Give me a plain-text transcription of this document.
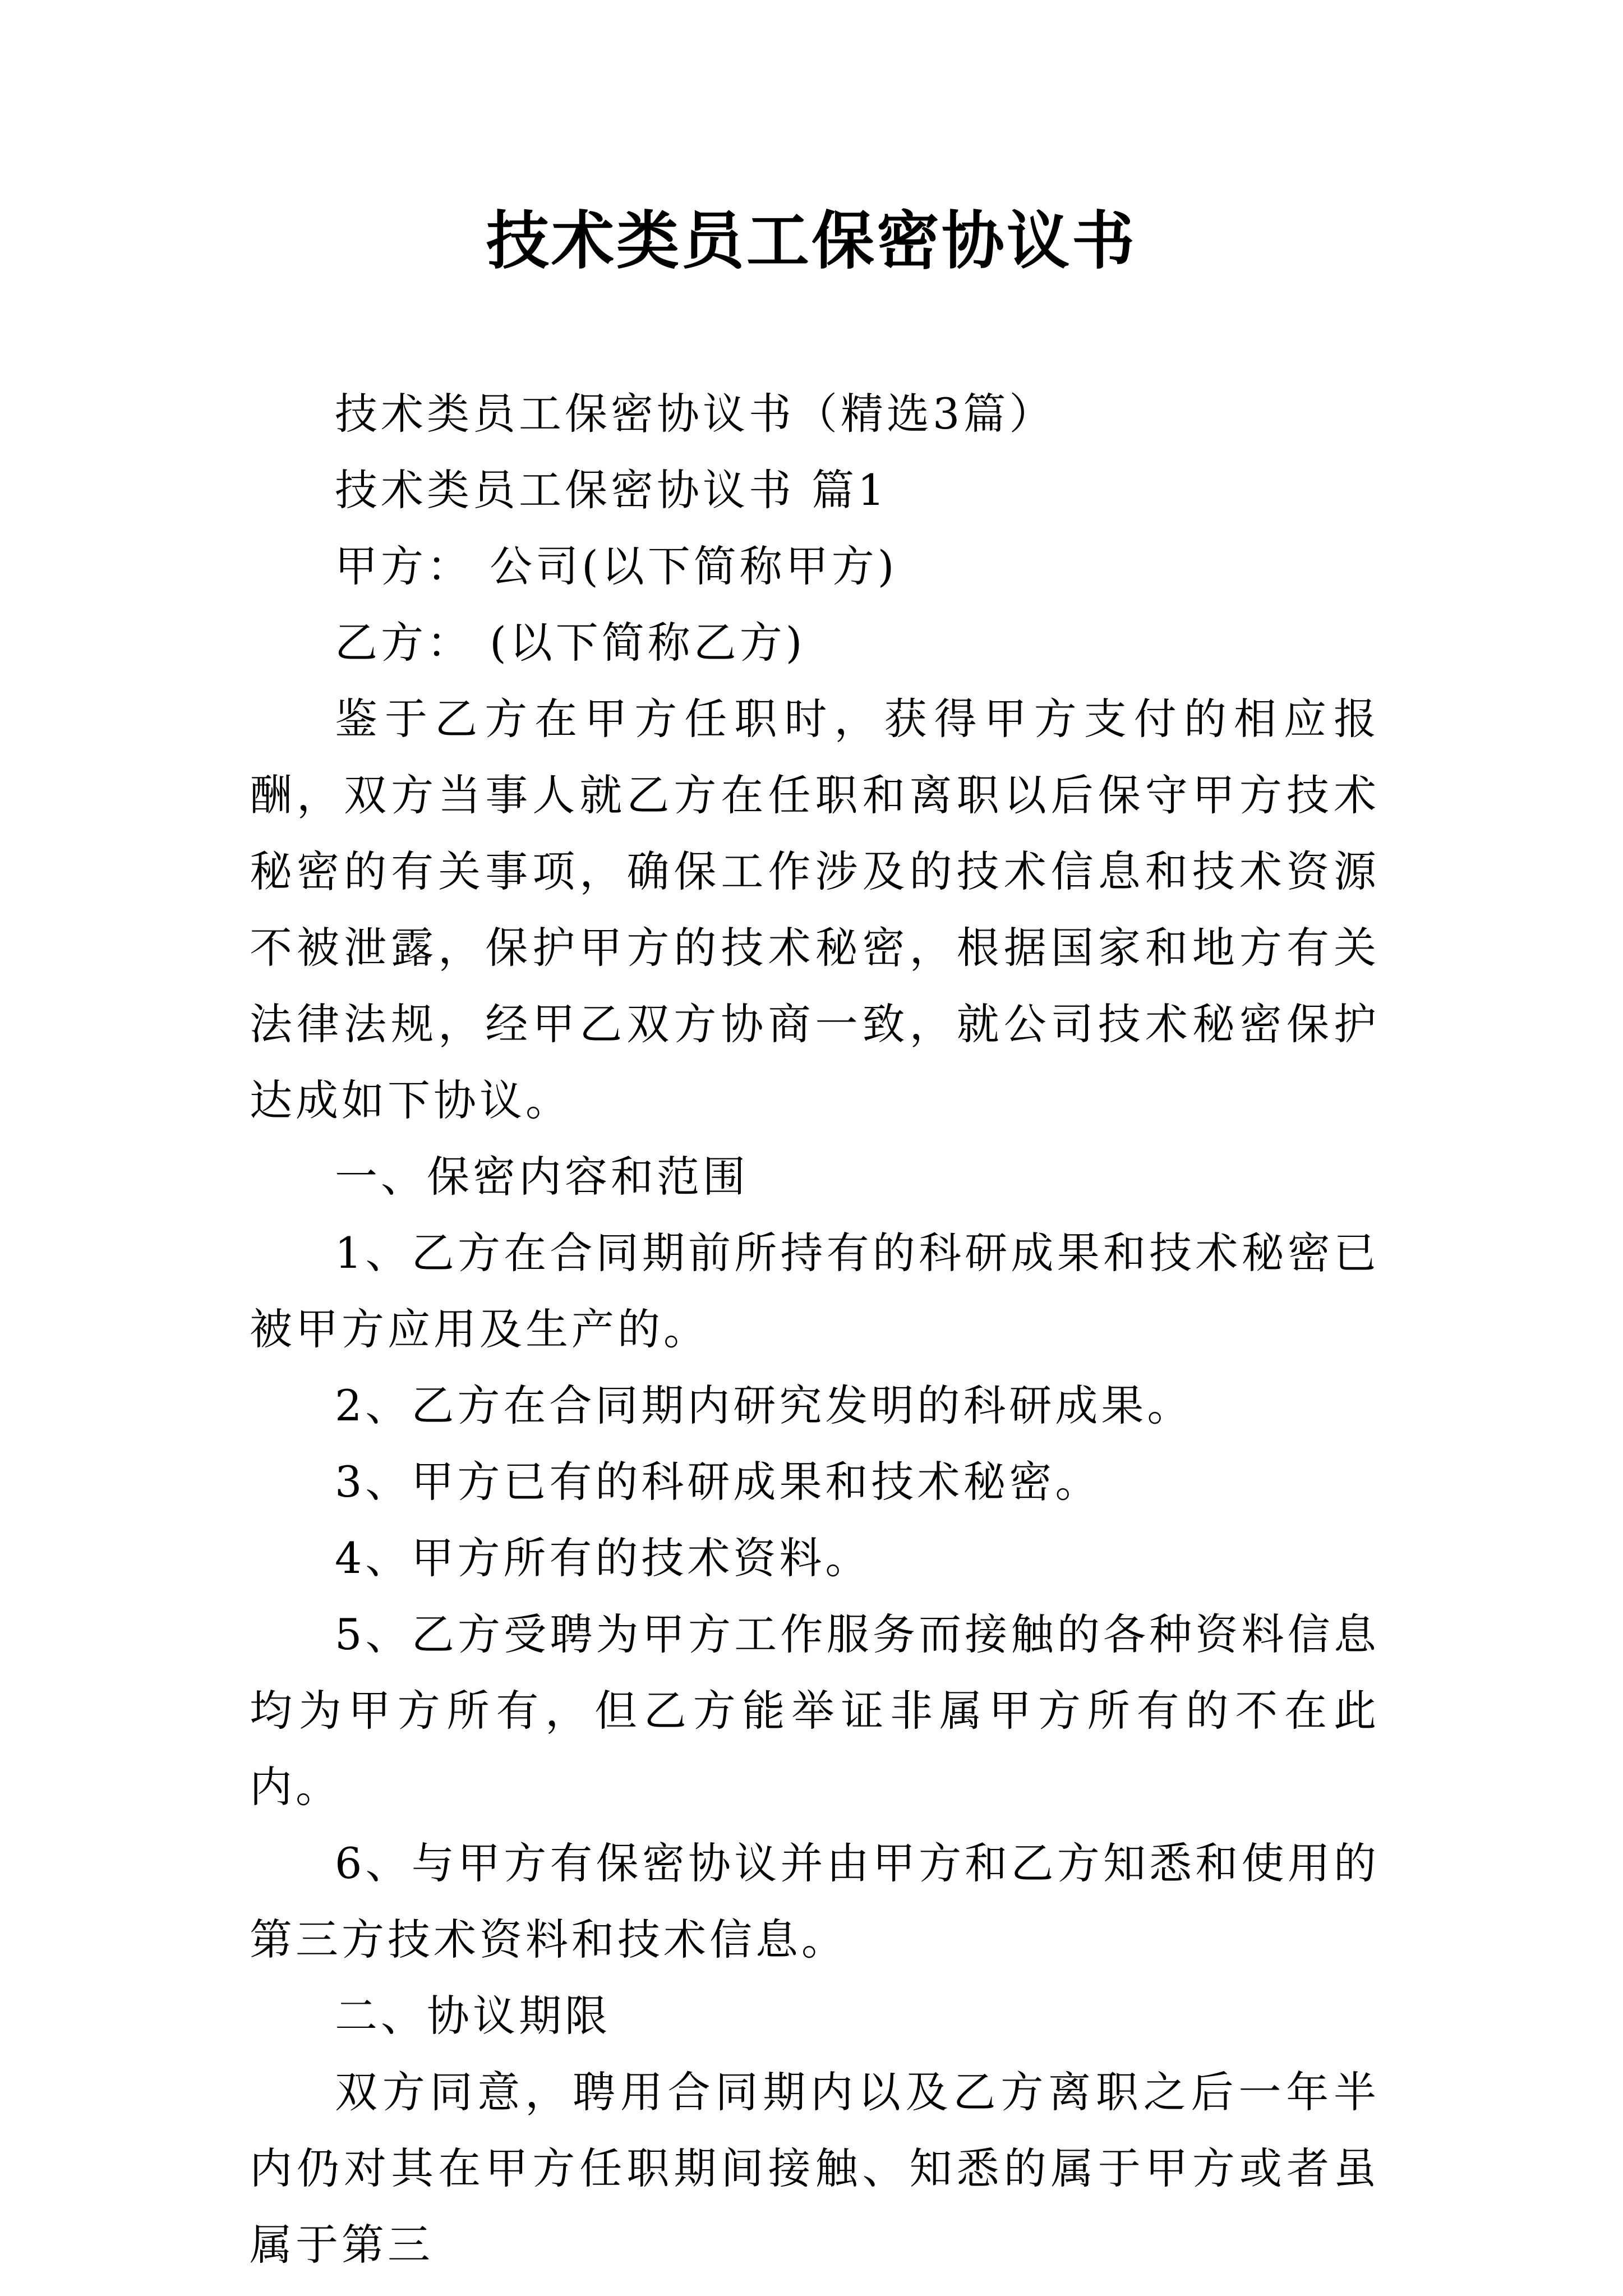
技术类员工保密协议书

技术类员工保密协议书（精选3篇）

技术类员工保密协议书 篇1

甲方： 公司(以下简称甲方)

乙方： (以下简称乙方)

鉴于乙方在甲方任职时，获得甲方支付的相应报酬，双方当事人就乙方在任职和离职以后保守甲方技术秘密的有关事项，确保工作涉及的技术信息和技术资源不被泄露，保护甲方的技术秘密，根据国家和地方有关法律法规，经甲乙双方协商一致，就公司技术秘密保护达成如下协议。

一、保密内容和范围

1、乙方在合同期前所持有的科研成果和技术秘密已被甲方应用及生产的。

2、乙方在合同期内研究发明的科研成果。

3、甲方已有的科研成果和技术秘密。

4、甲方所有的技术资料。

5、乙方受聘为甲方工作服务而接触的各种资料信息均为甲方所有，但乙方能举证非属甲方所有的不在此内。

6、与甲方有保密协议并由甲方和乙方知悉和使用的第三方技术资料和技术信息。

二、协议期限

双方同意，聘用合同期内以及乙方离职之后一年半内仍对其在甲方任职期间接触、知悉的属于甲方或者虽属于第三
